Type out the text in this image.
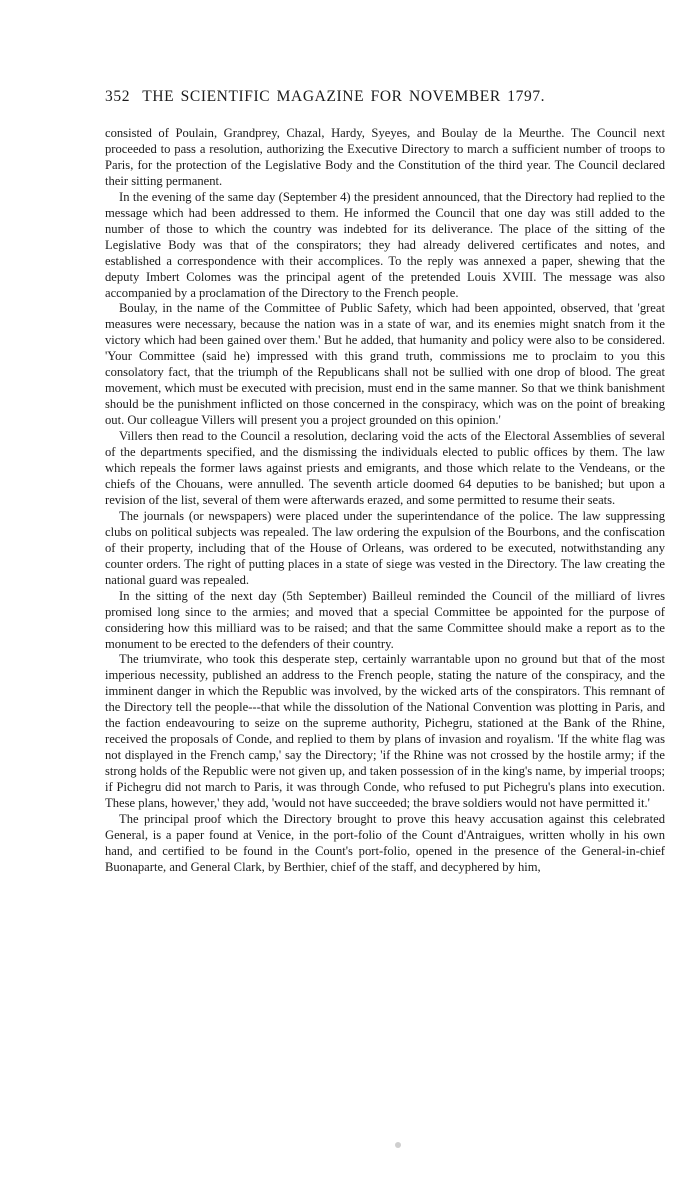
352 THE SCIENTIFIC MAGAZINE FOR NOVEMBER 1797.

consisted of Poulain, Grandprey, Chazal, Hardy, Syeyes, and Boulay de la Meurthe. The Council next proceeded to pass a resolution, authorizing the Executive Directory to march a sufficient number of troops to Paris, for the protection of the Legislative Body and the Constitution of the third year. The Council declared their sitting permanent.

In the evening of the same day (September 4) the president announced, that the Directory had replied to the message which had been addressed to them. He informed the Council that one day was still added to the number of those to which the country was indebted for its deliverance. The place of the sitting of the Legislative Body was that of the conspirators; they had already delivered certificates and notes, and established a correspondence with their accomplices. To the reply was annexed a paper, shewing that the deputy Imbert Colomes was the principal agent of the pretended Louis XVIII. The message was also accompanied by a proclamation of the Directory to the French people.

Boulay, in the name of the Committee of Public Safety, which had been appointed, observed, that 'great measures were necessary, because the nation was in a state of war, and its enemies might snatch from it the victory which had been gained over them.' But he added, that humanity and policy were also to be considered. 'Your Committee (said he) impressed with this grand truth, commissions me to proclaim to you this consolatory fact, that the triumph of the Republicans shall not be sullied with one drop of blood. The great movement, which must be executed with precision, must end in the same manner. So that we think banishment should be the punishment inflicted on those concerned in the conspiracy, which was on the point of breaking out. Our colleague Villers will present you a project grounded on this opinion.'

Villers then read to the Council a resolution, declaring void the acts of the Electoral Assemblies of several of the departments specified, and the dismissing the individuals elected to public offices by them. The law which repeals the former laws against priests and emigrants, and those which relate to the Vendeans, or the chiefs of the Chouans, were annulled. The seventh article doomed 64 deputies to be banished; but upon a revision of the list, several of them were afterwards erazed, and some permitted to resume their seats.

The journals (or newspapers) were placed under the superintendance of the police. The law suppressing clubs on political subjects was repealed. The law ordering the expulsion of the Bourbons, and the confiscation of their property, including that of the House of Orleans, was ordered to be executed, notwithstanding any counter orders. The right of putting places in a state of siege was vested in the Directory. The law creating the national guard was repealed.

In the sitting of the next day (5th September) Bailleul reminded the Council of the milliard of livres promised long since to the armies; and moved that a special Committee be appointed for the purpose of considering how this milliard was to be raised; and that the same Committee should make a report as to the monument to be erected to the defenders of their country.

The triumvirate, who took this desperate step, certainly warrantable upon no ground but that of the most imperious necessity, published an address to the French people, stating the nature of the conspiracy, and the imminent danger in which the Republic was involved, by the wicked arts of the conspirators. This remnant of the Directory tell the people---that while the dissolution of the National Convention was plotting in Paris, and the faction endeavouring to seize on the supreme authority, Pichegru, stationed at the Bank of the Rhine, received the proposals of Conde, and replied to them by plans of invasion and royalism. 'If the white flag was not displayed in the French camp,' say the Directory; 'if the Rhine was not crossed by the hostile army; if the strong holds of the Republic were not given up, and taken possession of in the king's name, by imperial troops; if Pichegru did not march to Paris, it was through Conde, who refused to put Pichegru's plans into execution. These plans, however,' they add, 'would not have succeeded; the brave soldiers would not have permitted it.'

The principal proof which the Directory brought to prove this heavy accusation against this celebrated General, is a paper found at Venice, in the port-folio of the Count d'Antraigues, written wholly in his own hand, and certified to be found in the Count's port-folio, opened in the presence of the General-in-chief Buonaparte, and General Clark, by Berthier, chief of the staff, and decyphered by him,
